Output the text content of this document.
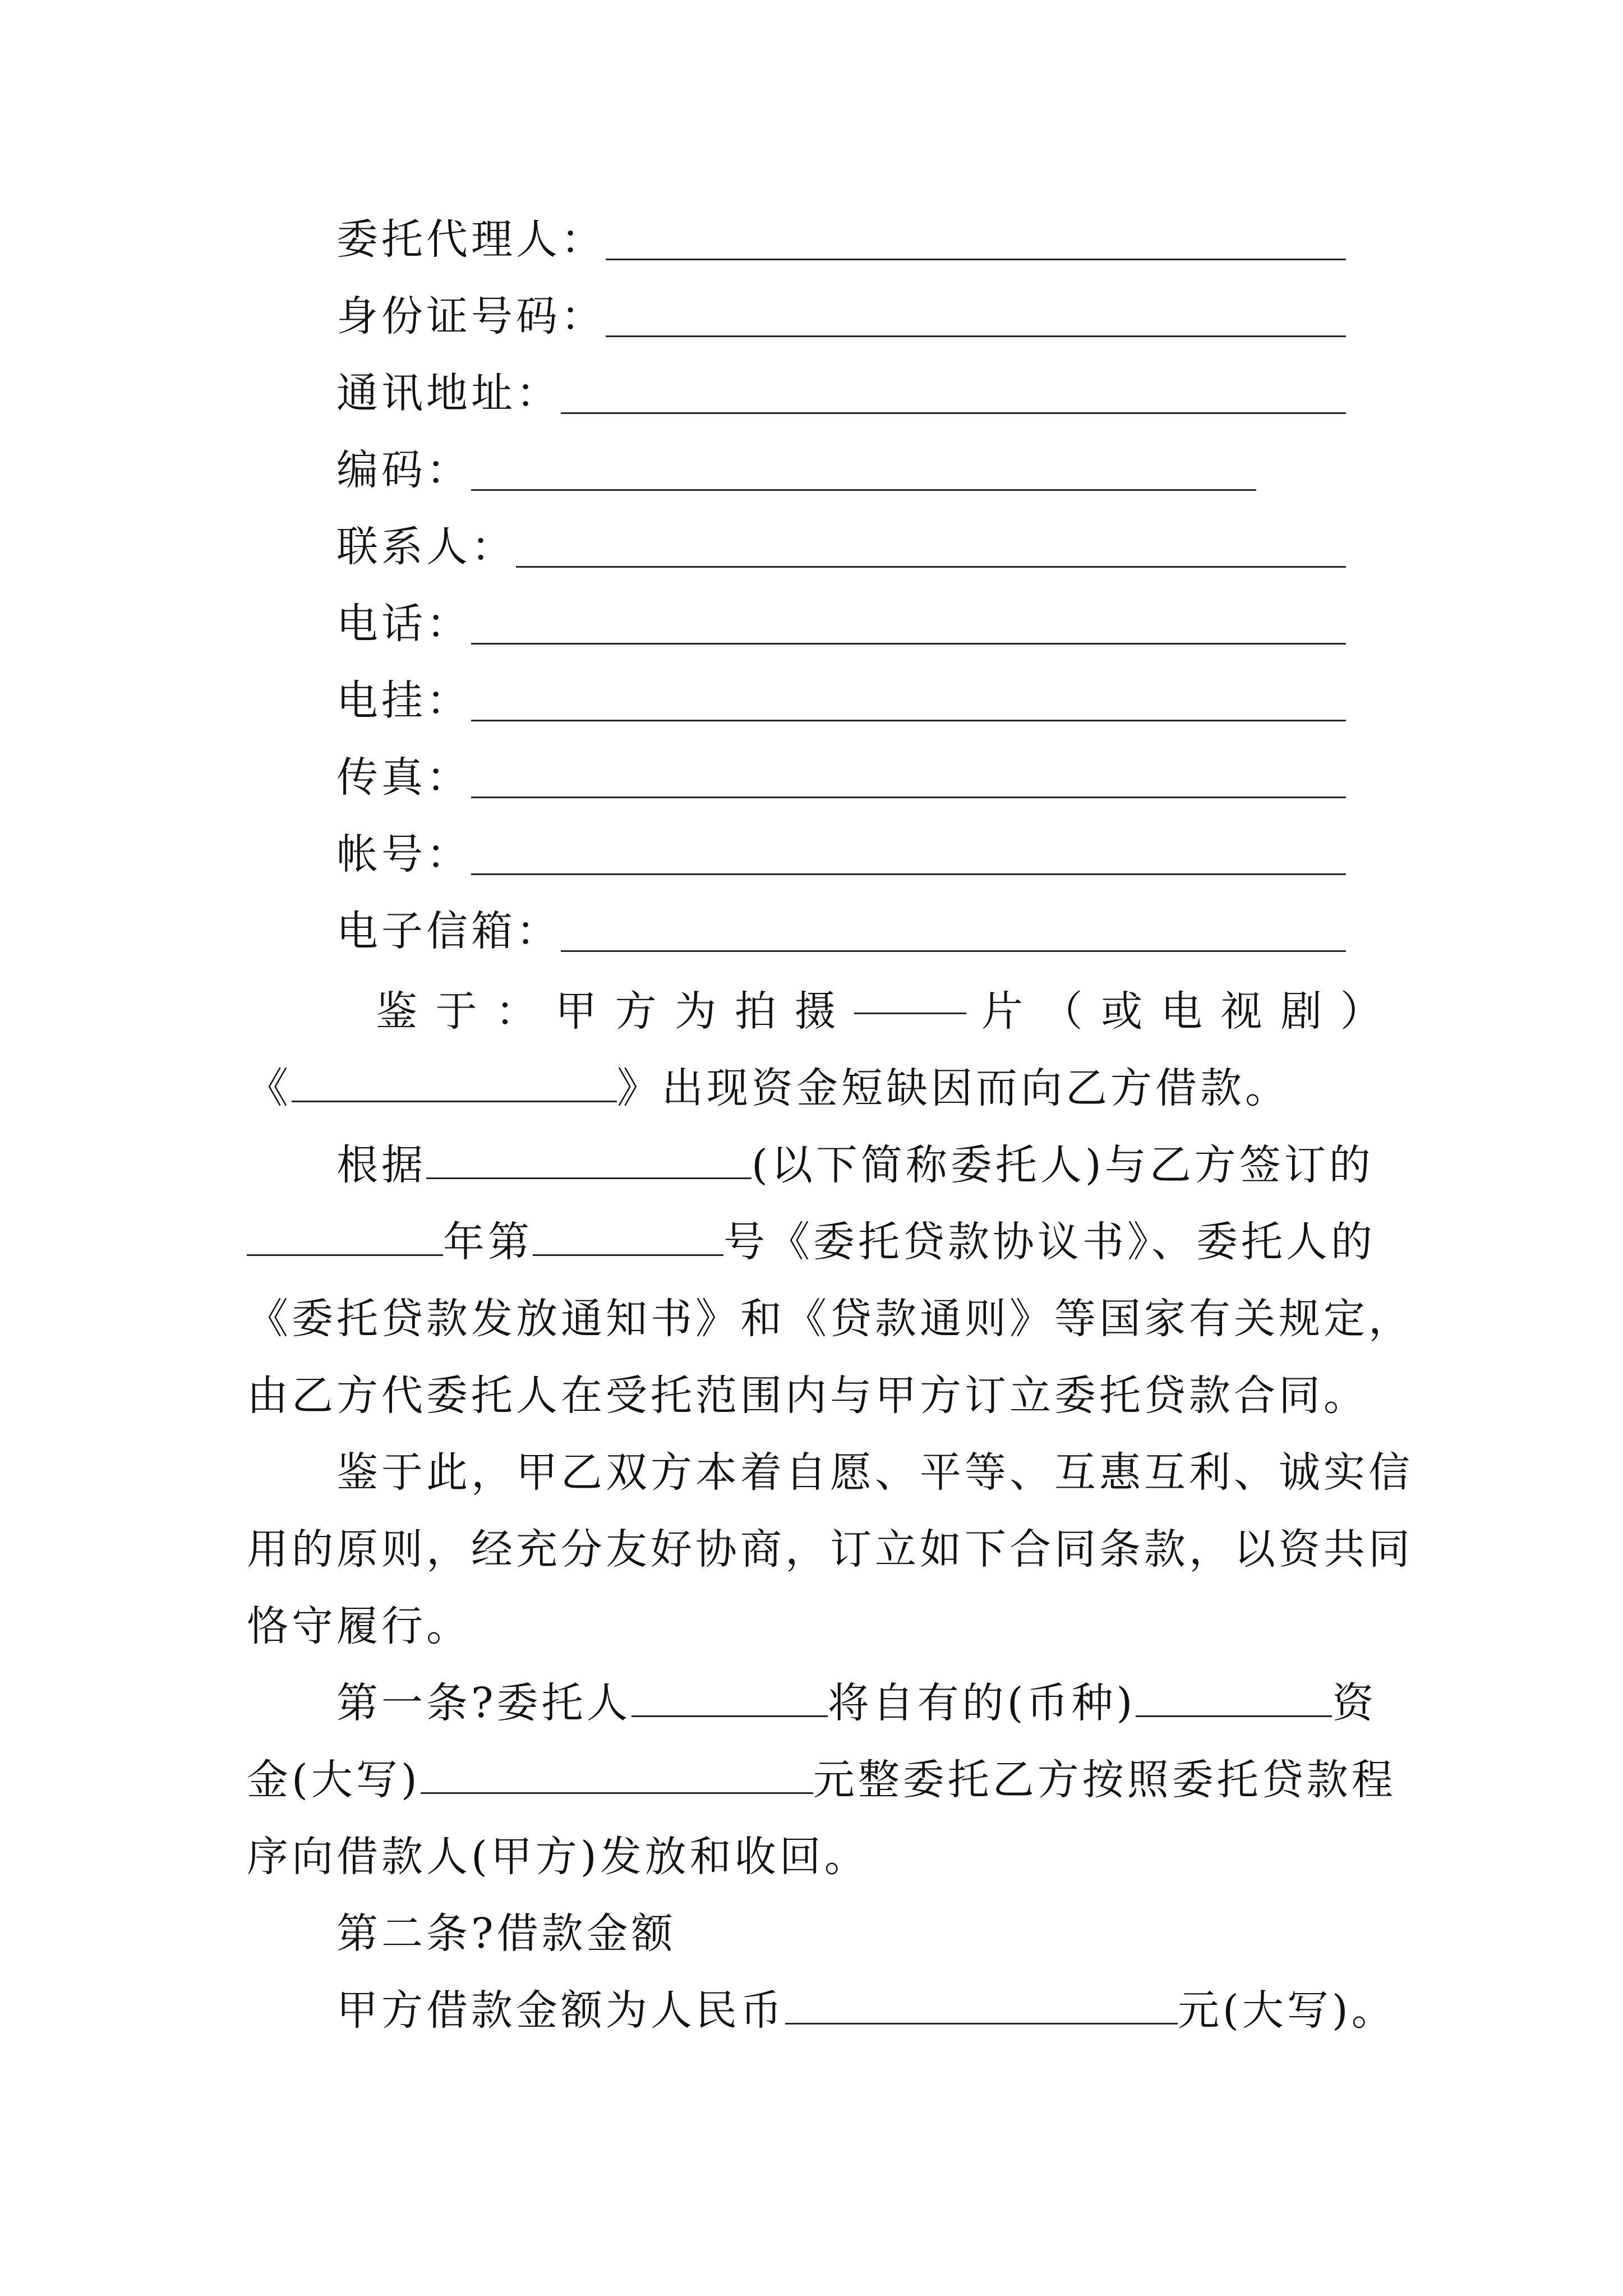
委托代理人：
身份证号码：
通讯地址：
编码：
联系人：
电话：
电挂：
传真：
帐号：
电子信箱：

鉴 于 ： 甲 方 为 拍 摄	片 （ 或 电 视 剧 ）

《	》出现资金短缺因而向乙方借款。

根据	(以下简称委托人)与乙方签订的

年第	号《委托贷款协议书》、委托人的

《委托贷款发放通知书》和《贷款通则》等国家有关规定，

由乙方代委托人在受托范围内与甲方订立委托贷款合同。

鉴于此，甲乙双方本着自愿、平等、互惠互利、诚实信

用的原则，经充分友好协商，订立如下合同条款，以资共同

恪守履行。

第一条?委托人	将自有的(币种)	资

金(大写)	元整委托乙方按照委托贷款程

序向借款人(甲方)发放和收回。

第二条?借款金额

甲方借款金额为人民币	元(大写)。
